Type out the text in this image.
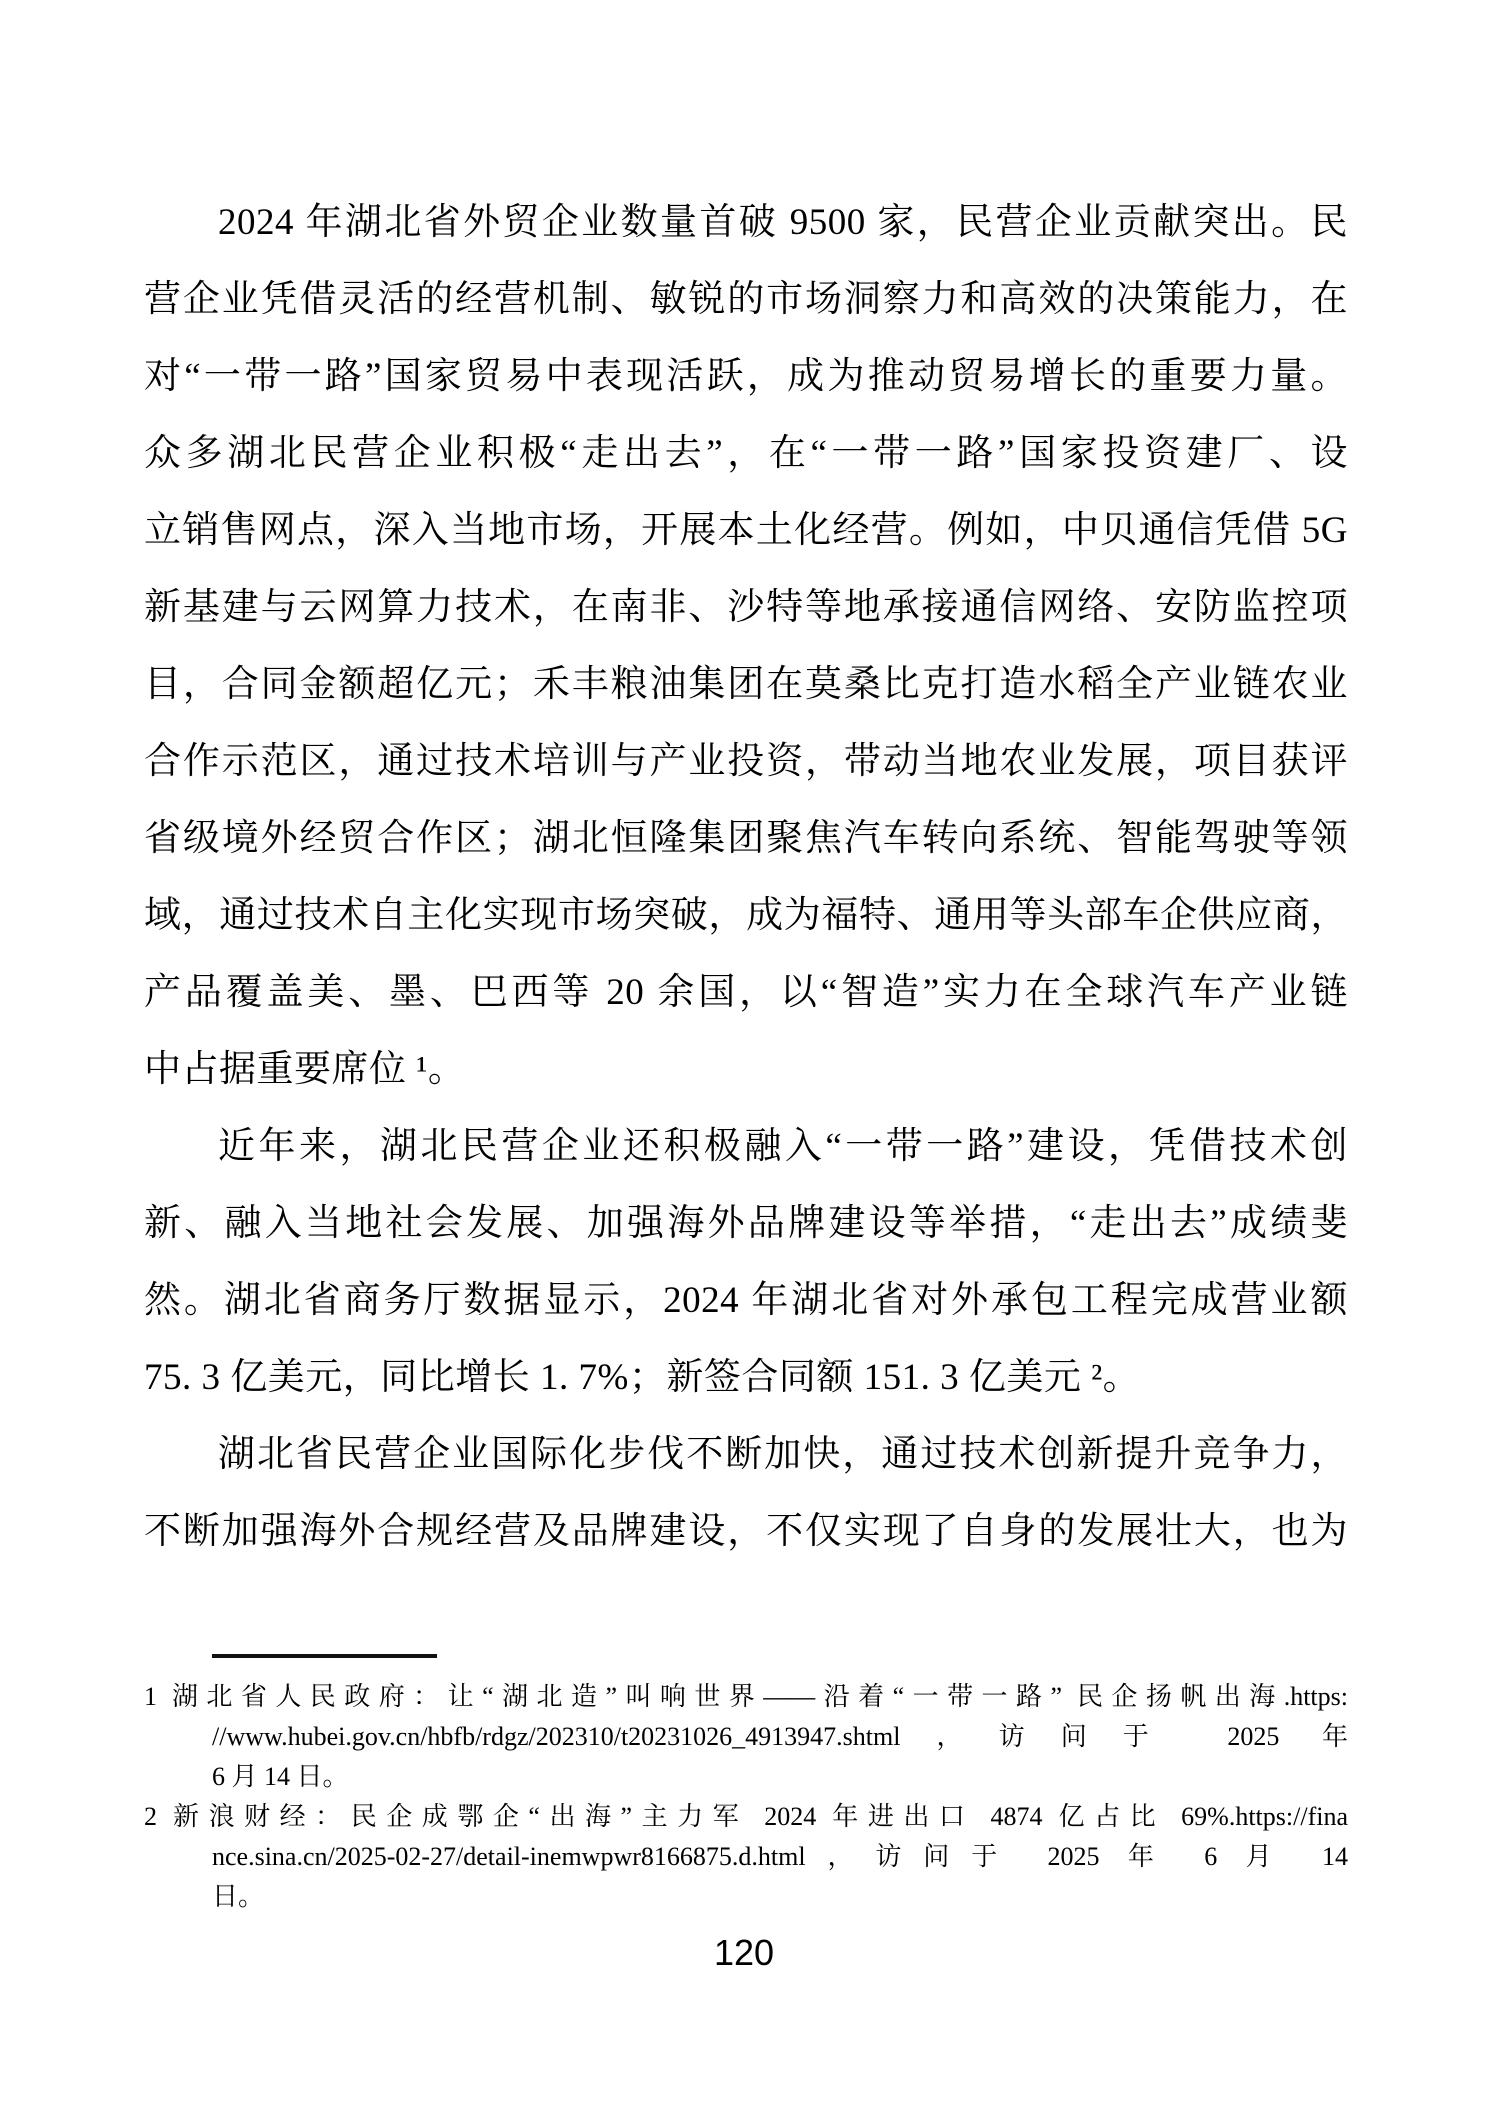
2024 年湖北省外贸企业数量首破 9500 家，民营企业贡献突出。民
营企业凭借灵活的经营机制、敏锐的市场洞察力和高效的决策能力，在
对“一带一路”国家贸易中表现活跃，成为推动贸易增长的重要力量。
众多湖北民营企业积极“走出去”，在“一带一路”国家投资建厂、设
立销售网点，深入当地市场，开展本土化经营。例如，中贝通信凭借 5G
新基建与云网算力技术，在南非、沙特等地承接通信网络、安防监控项
目，合同金额超亿元；禾丰粮油集团在莫桑比克打造水稻全产业链农业
合作示范区，通过技术培训与产业投资，带动当地农业发展，项目获评
省级境外经贸合作区；湖北恒隆集团聚焦汽车转向系统、智能驾驶等领
域，通过技术自主化实现市场突破，成为福特、通用等头部车企供应商，
产品覆盖美、墨、巴西等 20 余国，以“智造”实力在全球汽车产业链
中占据重要席位 ¹。
近年来，湖北民营企业还积极融入“一带一路”建设，凭借技术创
新、融入当地社会发展、加强海外品牌建设等举措，“走出去”成绩斐
然。湖北省商务厅数据显示，2024 年湖北省对外承包工程完成营业额
75. 3 亿美元，同比增长 1. 7%；新签合同额 151. 3 亿美元 ²。
湖北省民营企业国际化步伐不断加快，通过技术创新提升竞争力，
不断加强海外合规经营及品牌建设，不仅实现了自身的发展壮大，也为
1 湖北省人民政府：让“湖北造”叫响世界——沿着“一带一路” 民企扬帆出海.https:
//www.hubei.gov.cn/hbfb/rdgz/202310/t20231026_4913947.shtml，访问于 2025 年
6 月 14 日。
2 新浪财经：民企成鄂企“出海”主力军 2024 年进出口 4874 亿占比 69%.https://fina
nce.sina.cn/2025-02-27/detail-inemwpwr8166875.d.html，访问于 2025 年 6 月 14
日。
120
